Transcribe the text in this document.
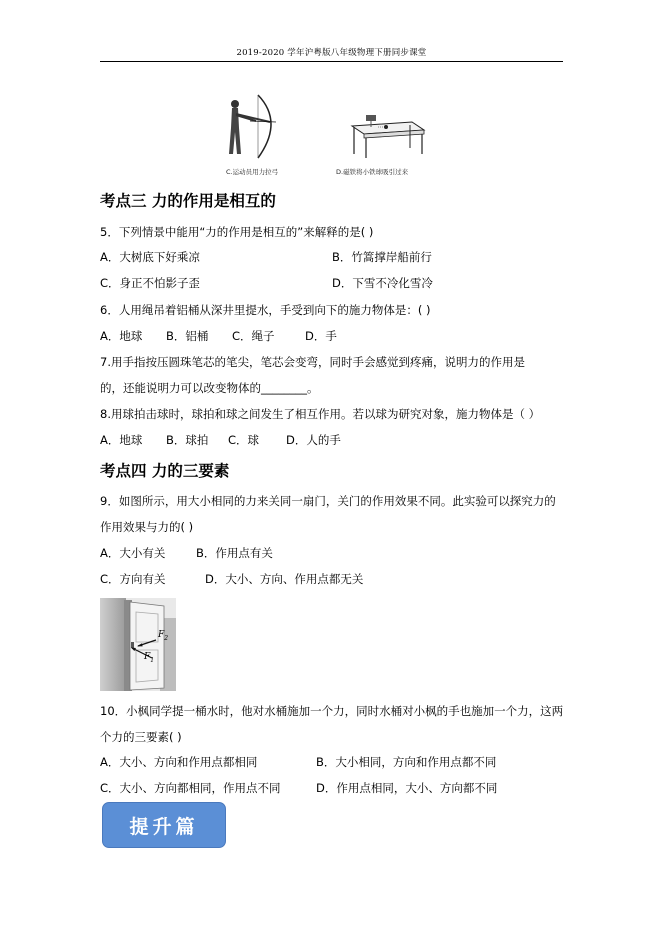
2019-2020 学年沪粤版八年级物理下册同步课堂
C.运动员用力拉弓	D.磁铁将小铁球吸引过来
考点三 力的作用是相互的
5．下列情景中能用“力的作用是相互的”来解释的是( )
A．大树底下好乘凉	B．竹篙撑岸船前行
C．身正不怕影子歪	D．下雪不冷化雪冷
6．人用绳吊着铝桶从深井里提水，手受到向下的施力物体是：( )
A．地球 B．铝桶 C．绳子	D．手
7.用手指按压圆珠笔芯的笔尖，笔芯会变弯，同时手会感觉到疼痛，说明力的作用是
的，还能说明力可以改变物体的________。
8.用球拍击球时，球拍和球之间发生了相互作用。若以球为研究对象，施力物体是（ ）
A．地球 B．球拍 C．球 D．人的手
考点四 力的三要素
9．如图所示，用大小相同的力来关同一扇门，关门的作用效果不同。此实验可以探究力的
作用效果与力的( )
A．大小有关	B．作用点有关
C．方向有关	D．大小、方向、作用点都无关
$F_2$
$F_1$
10．小枫同学提一桶水时，他对水桶施加一个力，同时水桶对小枫的手也施加一个力，这两
个力的三要素( )
A．大小、方向和作用点都相同	B．大小相同，方向和作用点都不同
C．大小、方向都相同，作用点不同	D．作用点相同，大小、方向都不同
提升篇
